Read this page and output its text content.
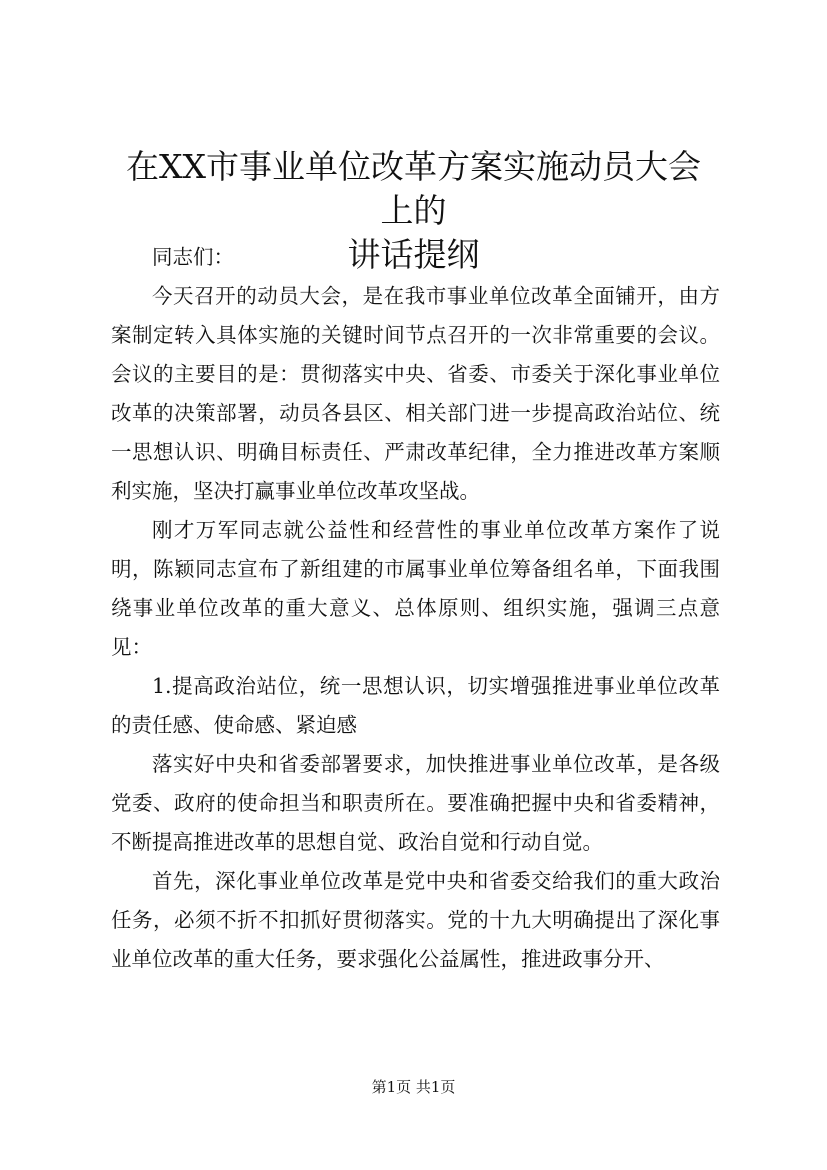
在XX市事业单位改革方案实施动员大会上的
讲话提纲

同志们：

今天召开的动员大会，是在我市事业单位改革全面铺开，由方案制定转入具体实施的关键时间节点召开的一次非常重要的会议。会议的主要目的是：贯彻落实中央、省委、市委关于深化事业单位改革的决策部署，动员各县区、相关部门进一步提高政治站位、统一思想认识、明确目标责任、严肃改革纪律，全力推进改革方案顺利实施，坚决打赢事业单位改革攻坚战。

刚才万军同志就公益性和经营性的事业单位改革方案作了说明，陈颖同志宣布了新组建的市属事业单位筹备组名单，下面我围绕事业单位改革的重大意义、总体原则、组织实施，强调三点意见：

1.提高政治站位，统一思想认识，切实增强推进事业单位改革的责任感、使命感、紧迫感

落实好中央和省委部署要求，加快推进事业单位改革，是各级党委、政府的使命担当和职责所在。要准确把握中央和省委精神，不断提高推进改革的思想自觉、政治自觉和行动自觉。

首先，深化事业单位改革是党中央和省委交给我们的重大政治任务，必须不折不扣抓好贯彻落实。党的十九大明确提出了深化事业单位改革的重大任务，要求强化公益属性，推进政事分开、

第1页 共1页
